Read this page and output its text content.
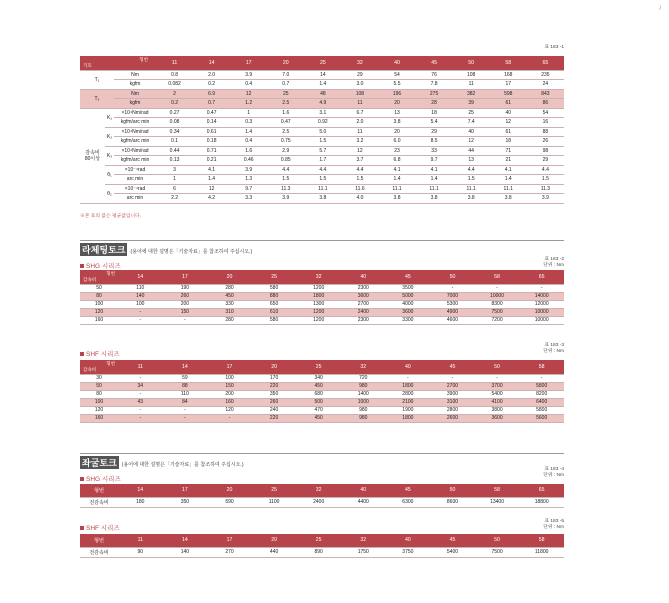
/
표 183 -1
형번
기호			11	14	17	20	25	32	40	45	50	58	65
T₁		Nm	0.8	2.0	3.9	7.0	14	29	54	76	108	168	235
		kgfm	0.082	0.2	0.4	0.7	1.4	3.0	5.5	7.8	11	17	24
T₂		Nm	2	6.9	12	25	48	108	196	275	382	598	843
		kgfm	0.2	0.7	1.2	2.5	4.9	11	20	28	39	61	86

감속비
80이상	K₁	×10⁴Nm/rad	0.27	0.47	1	1.6	3.1	6.7	13	18	25	40	54
		kgfm/arc min	0.08	0.14	0.3	0.47	0.92	2.0	3.8	5.4	7.4	12	16
	K₂	×10⁴Nm/rad	0.34	0.61	1.4	2.5	5.0	11	20	29	40	61	88
		kgfm/arc min	0.1	0.18	0.4	0.75	1.5	3.2	6.0	8.5	12	18	26
	K₃	×10⁴Nm/rad	0.44	0.71	1.6	2.9	5.7	12	23	33	44	71	98
		kgfm/arc min	0.13	0.21	0.46	0.85	1.7	3.7	6.8	9.7	13	21	29
	θ₁	×10⁻⁴rad	3	4.1	3.9	4.4	4.4	4.4	4.1	4.1	4.4	4.1	4.4
		arc min	1	1.4	1.3	1.5	1.5	1.5	1.4	1.4	1.5	1.4	1.5
	θ₂	×10⁻⁴rad	6	12	9.7	11.3	11.1	11.6	11.1	11.1	11.1	11.1	11.3
		arc min	2.2	4.2	3.3	3.9	3.8	4.0	3.8	3.8	3.8	3.8	3.9
※본 표의 값은 평균값입니다.
라체팅토크 (용어에 대한 설명은「기술자료」를 참조하여 주십시오.)
SHG 시리즈
표 183 -2
단위 : Nm
형번
감속비	14	17	20	25	32	40	45	50	58	65
50	110	190	280	580	1200	2300	3500	-	-	-
80	140	260	450	880	1800	3600	5000	7000	10000	14000
100	100	200	330	650	1300	2700	4000	5300	8300	12000
120	-	150	310	610	1200	2400	3600	4900	7500	10000
160	-	-	280	580	1200	2300	3300	4600	7200	10000
SHF 시리즈
표 183 -3
단위 : Nm
형번
감속비	11	14	17	20	25	32	40	45	50	58
30	-	59	100	170	340	720	-	-	-	-
50	34	88	150	220	450	980	1800	2700	3700	5800
80	-	110	200	350	680	1400	2800	3900	5400	8200
100	43	84	160	260	500	1000	2100	3100	4100	6400
120	-	-	120	240	470	980	1900	2800	3800	5800
160	-	-	-	220	450	980	1800	2600	3600	5600
좌굴토크 (용어에 대한 설명은「기술자료」를 참조하여 주십시오.)
SHG 시리즈
표 183 -4
단위 : Nm
형번	14	17	20	25	32	40	45	50	58	65
전감속비	180	350	590	1100	2400	4400	6300	8600	13400	18800
SHF 시리즈
표 183 -5
단위 : Nm
형번	11	14	17	20	25	32	40	45	50	58
전감속비	90	140	270	440	890	1750	3750	5400	7500	11800
